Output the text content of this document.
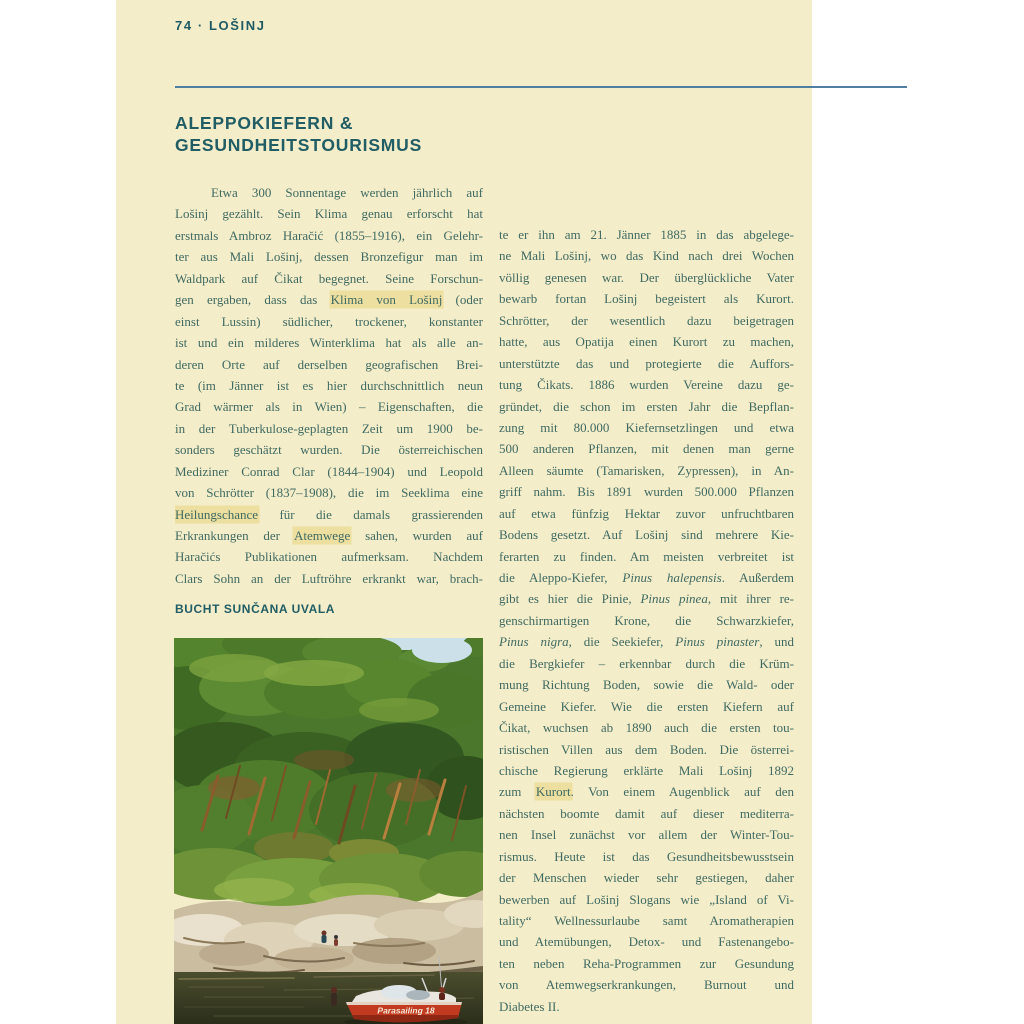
74 · LOŠINJ
ALEPPOKIEFERN &
GESUNDHEITSTOURISMUS
Etwa 300 Sonnentage werden jährlich auf
Lošinj gezählt. Sein Klima genau erforscht hat
erstmals Ambroz Haračić (1855–1916), ein Gelehr-
ter aus Mali Lošinj, dessen Bronzefigur man im
Waldpark auf Čikat begegnet. Seine Forschun-
gen ergaben, dass das Klima von Lošinj (oder
einst Lussin) südlicher, trockener, konstanter
ist und ein milderes Winterklima hat als alle an-
deren Orte auf derselben geografischen Brei-
te (im Jänner ist es hier durchschnittlich neun
Grad wärmer als in Wien) – Eigenschaften, die
in der Tuberkulose-geplagten Zeit um 1900 be-
sonders geschätzt wurden. Die österreichischen
Mediziner Conrad Clar (1844–1904) und Leopold
von Schrötter (1837–1908), die im Seeklima eine
Heilungschance für die damals grassierenden
Erkrankungen der Atemwege sahen, wurden auf
Haračićs Publikationen aufmerksam. Nachdem
Clars Sohn an der Luftröhre erkrankt war, brach-
te er ihn am 21. Jänner 1885 in das abgelege-
ne Mali Lošinj, wo das Kind nach drei Wochen
völlig genesen war. Der überglückliche Vater
bewarb fortan Lošinj begeistert als Kurort.
Schrötter, der wesentlich dazu beigetragen
hatte, aus Opatija einen Kurort zu machen,
unterstützte das und protegierte die Auffors-
tung Čikats. 1886 wurden Vereine dazu ge-
gründet, die schon im ersten Jahr die Bepflan-
zung mit 80.000 Kiefernsetzlingen und etwa
500 anderen Pflanzen, mit denen man gerne
Alleen säumte (Tamarisken, Zypressen), in An-
griff nahm. Bis 1891 wurden 500.000 Pflanzen
auf etwa fünfzig Hektar zuvor unfruchtbaren
Bodens gesetzt. Auf Lošinj sind mehrere Kie-
ferarten zu finden. Am meisten verbreitet ist
die Aleppo-Kiefer, Pinus halepensis. Außerdem
gibt es hier die Pinie, Pinus pinea, mit ihrer re-
genschirmartigen Krone, die Schwarzkiefer,
Pinus nigra, die Seekiefer, Pinus pinaster, und
die Bergkiefer – erkennbar durch die Krüm-
mung Richtung Boden, sowie die Wald- oder
Gemeine Kiefer. Wie die ersten Kiefern auf
Čikat, wuchsen ab 1890 auch die ersten tou-
ristischen Villen aus dem Boden. Die österrei-
chische Regierung erklärte Mali Lošinj 1892
zum Kurort. Von einem Augenblick auf den
nächsten boomte damit auf dieser mediterra-
nen Insel zunächst vor allem der Winter-Tou-
rismus. Heute ist das Gesundheitsbewusstsein
der Menschen wieder sehr gestiegen, daher
bewerben auf Lošinj Slogans wie „Island of Vi-
tality“ Wellnessurlaube samt Aromatherapien
und Atemübungen, Detox- und Fastenangebo-
ten neben Reha-Programmen zur Gesundung
von Atemwegserkrankungen, Burnout und
Diabetes II.
BUCHT SUNČANA UVALA
Parasailing 18
